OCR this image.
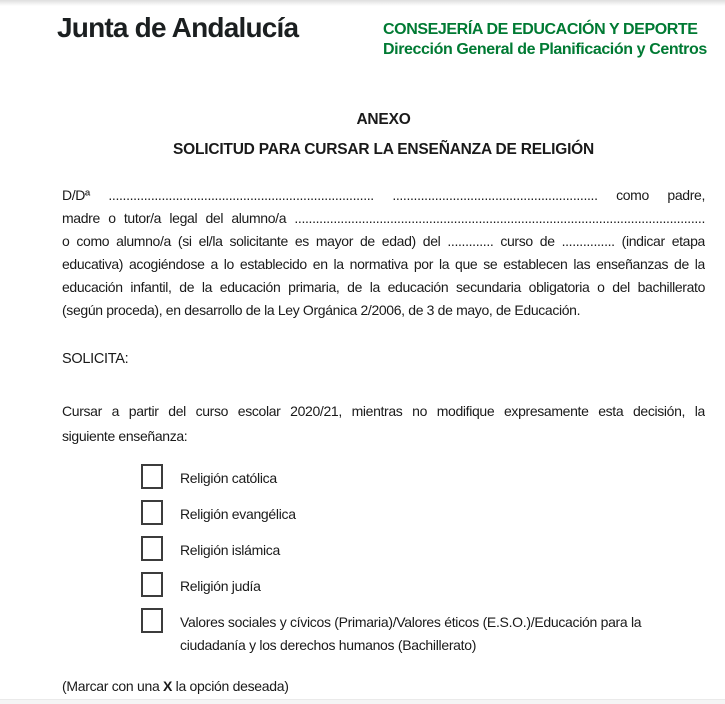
Junta de Andalucía	CONSEJERÍA DE EDUCACIÓN Y DEPORTE
Dirección General de Planificación y Centros
ANEXO
SOLICITUD PARA CURSAR LA ENSEÑANZA DE RELIGIÓN
D/Dª ........................................................................... .......................................................... como padre,
madre o tutor/a legal del alumno/a ....................................................................................................................
o como alumno/a (si el/la solicitante es mayor de edad) del ............. curso de ............... (indicar etapa
educativa) acogiéndose a lo establecido en la normativa por la que se establecen las enseñanzas de la
educación infantil, de la educación primaria, de la educación secundaria obligatoria o del bachillerato
(según proceda), en desarrollo de la Ley Orgánica 2/2006, de 3 de mayo, de Educación.
SOLICITA:
Cursar a partir del curso escolar 2020/21, mientras no modifique expresamente esta decisión, la
siguiente enseñanza:
Religión católica
Religión evangélica
Religión islámica
Religión judía
Valores sociales y cívicos (Primaria)/Valores éticos (E.S.O.)/Educación para la ciudadanía y los derechos humanos (Bachillerato)
(Marcar con una X la opción deseada)
